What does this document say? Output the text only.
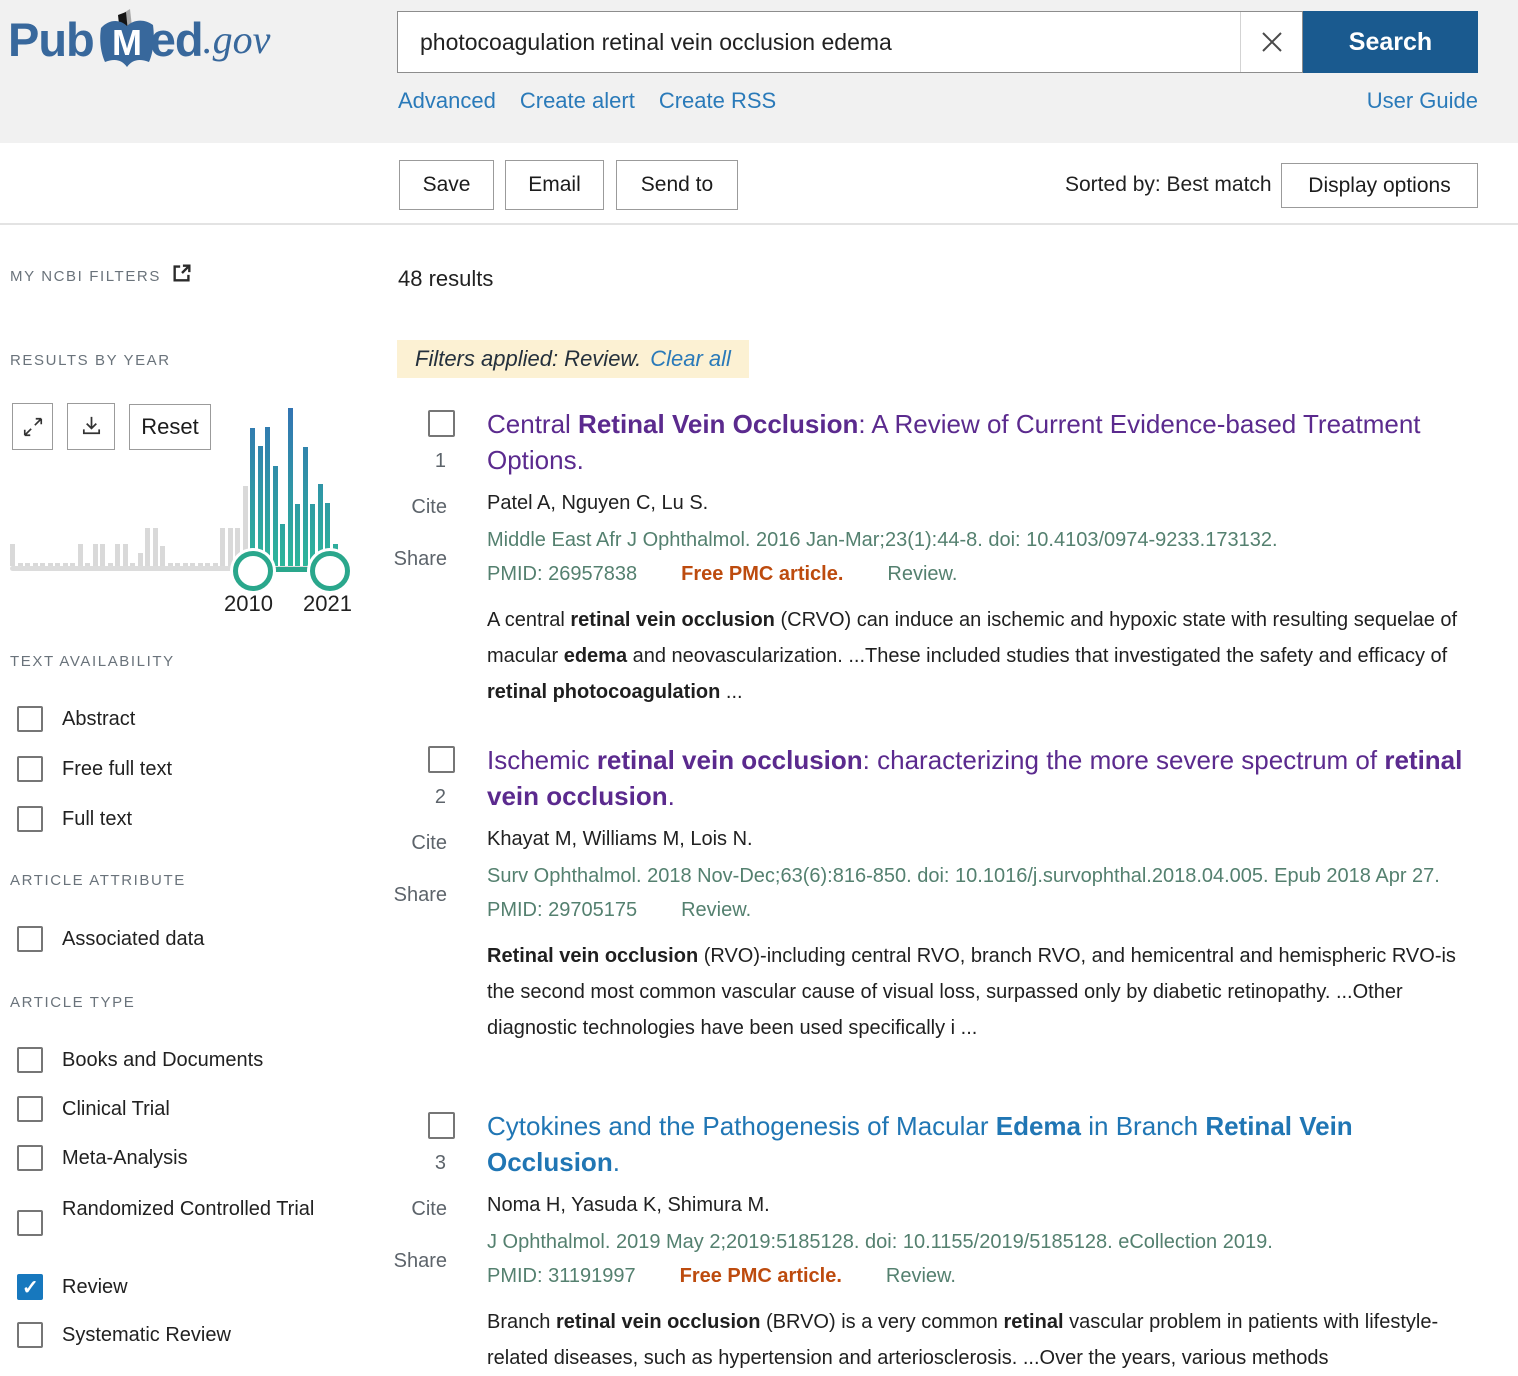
Pub M ed .gov
photocoagulation retinal vein occlusion edema	Search
Advanced Create alert Create RSS	User Guide
Save	Email	Send to	Sorted by: Best match	Display options
MY NCBI FILTERS
RESULTS BY YEAR
Reset
2010 2021
TEXT AVAILABILITY
Abstract
Free full text
Full text
ARTICLE ATTRIBUTE
Associated data
ARTICLE TYPE
Books and Documents
Clinical Trial
Meta-Analysis
Randomized Controlled Trial
✓
Review
Systematic Review
48 results
Filters applied: Review. Clear all
1
Cite
Share
Central Retinal Vein Occlusion: A Review of Current Evidence-based Treatment Options.
Patel A, Nguyen C, Lu S.
Middle East Afr J Ophthalmol. 2016 Jan-Mar;23(1):44-8. doi: 10.4103/0974-9233.173132.
PMID: 26957838 Free PMC article. Review.
A central retinal vein occlusion (CRVO) can induce an ischemic and hypoxic state with resulting sequelae of macular edema and neovascularization. ...These included studies that investigated the safety and efficacy of retinal photocoagulation ...
2
Cite
Share
Ischemic retinal vein occlusion: characterizing the more severe spectrum of retinal vein occlusion.
Khayat M, Williams M, Lois N.
Surv Ophthalmol. 2018 Nov-Dec;63(6):816-850. doi: 10.1016/j.survophthal.2018.04.005. Epub 2018 Apr 27.
PMID: 29705175 Review.
Retinal vein occlusion (RVO)-including central RVO, branch RVO, and hemicentral and hemispheric RVO-is the second most common vascular cause of visual loss, surpassed only by diabetic retinopathy. ...Other diagnostic technologies have been used specifically i ...
3
Cite
Share
Cytokines and the Pathogenesis of Macular Edema in Branch Retinal Vein Occlusion.
Noma H, Yasuda K, Shimura M.
J Ophthalmol. 2019 May 2;2019:5185128. doi: 10.1155/2019/5185128. eCollection 2019.
PMID: 31191997 Free PMC article. Review.
Branch retinal vein occlusion (BRVO) is a very common retinal vascular problem in patients with lifestyle-related diseases, such as hypertension and arteriosclerosis. ...Over the years, various methods
